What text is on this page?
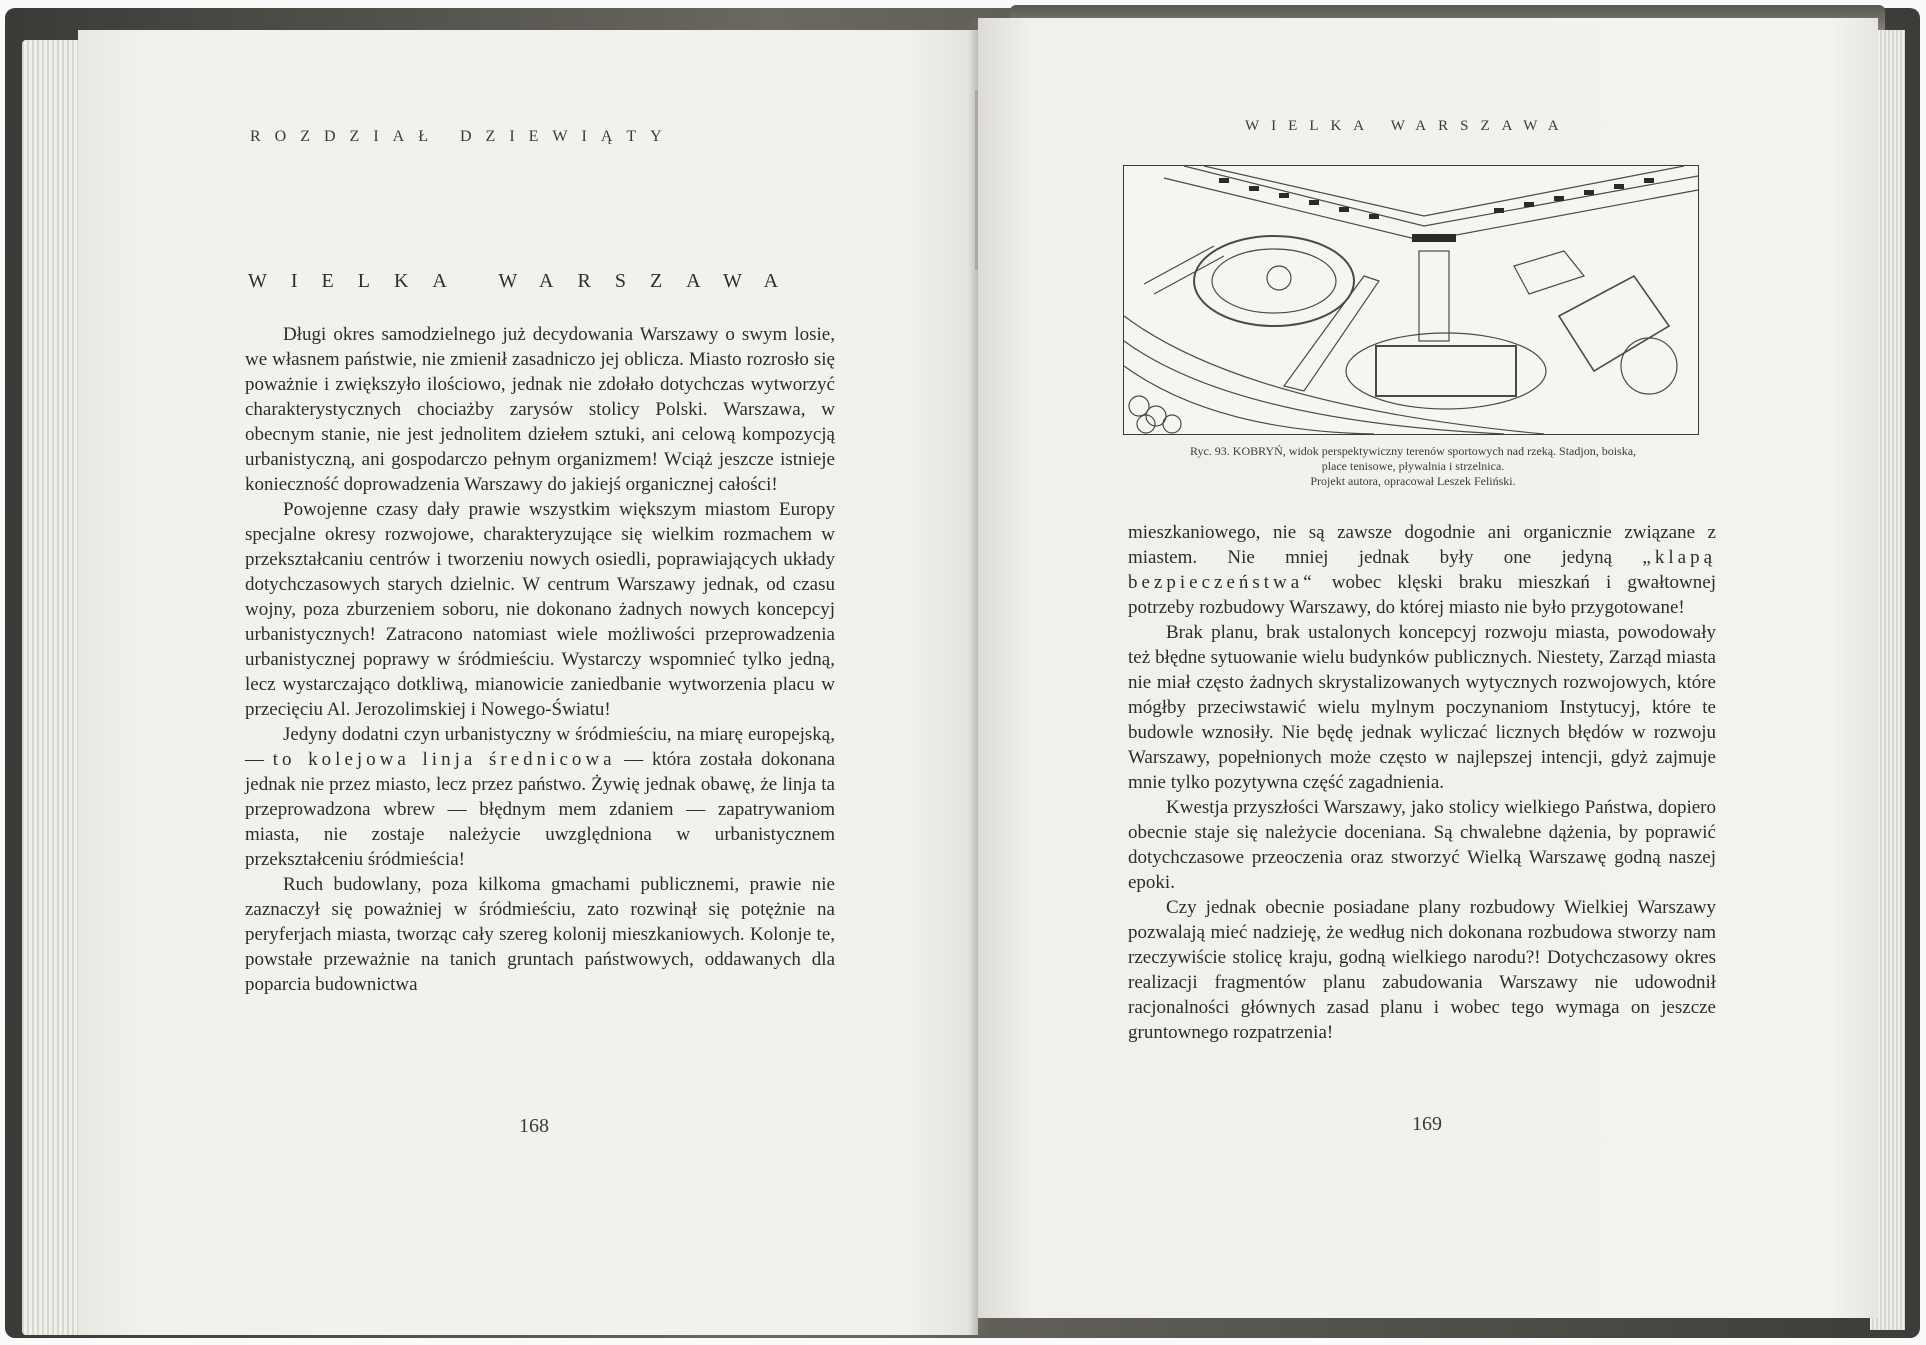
ROZDZIAŁ DZIEWIĄTY
WIELKA WARSZAWA

Długi okres samodzielnego już decydowania Warszawy o swym losie, we własnem państwie, nie zmienił zasadniczo jej oblicza. Miasto rozrosło się poważnie i zwiększyło ilościowo, jednak nie zdołało dotychczas wytworzyć charakterystycznych chociażby zarysów stolicy Polski. Warszawa, w obecnym stanie, nie jest jednolitem dziełem sztuki, ani celową kompozycją urbanistyczną, ani gospodarczo pełnym organizmem! Wciąż jeszcze istnieje konieczność doprowadzenia Warszawy do jakiejś organicznej całości!

Powojenne czasy dały prawie wszystkim większym miastom Europy specjalne okresy rozwojowe, charakteryzujące się wielkim rozmachem w przekształcaniu centrów i tworzeniu nowych osiedli, poprawiających układy dotychczasowych starych dzielnic. W centrum Warszawy jednak, od czasu wojny, poza zburzeniem soboru, nie dokonano żadnych nowych koncepcyj urbanistycznych! Zatracono natomiast wiele możliwości przeprowadzenia urbanistycznej poprawy w śródmieściu. Wystarczy wspomnieć tylko jedną, lecz wystarczająco dotkliwą, mianowicie zaniedbanie wytworzenia placu w przecięciu Al. Jerozolimskiej i Nowego-Światu!

Jedyny dodatni czyn urbanistyczny w śródmieściu, na miarę europejską, — to kolejowa linja średnicowa — która została dokonana jednak nie przez miasto, lecz przez państwo. Żywię jednak obawę, że linja ta przeprowadzona wbrew — błędnym mem zdaniem — zapatrywaniom miasta, nie zostaje należycie uwzględniona w urbanistycznem przekształceniu śródmieścia!

Ruch budowlany, poza kilkoma gmachami publicznemi, prawie nie zaznaczył się poważniej w śródmieściu, zato rozwinął się potężnie na peryferjach miasta, tworząc cały szereg kolonij mieszkaniowych. Kolonje te, powstałe przeważnie na tanich gruntach państwowych, oddawanych dla poparcia budownictwa

168
WIELKA WARSZAWA
Ryc. 93. KOBRYŃ, widok perspektywiczny terenów sportowych nad rzeką. Stadjon, boiska,
place tenisowe, pływalnia i strzelnica.
Projekt autora, opracował Leszek Feliński.

mieszkaniowego, nie są zawsze dogodnie ani organicznie związane z miastem. Nie mniej jednak były one jedyną „klapą bezpieczeństwa“ wobec klęski braku mieszkań i gwałtownej potrzeby rozbudowy Warszawy, do której miasto nie było przygotowane!

Brak planu, brak ustalonych koncepcyj rozwoju miasta, powodowały też błędne sytuowanie wielu budynków publicznych. Niestety, Zarząd miasta nie miał często żadnych skrystalizowanych wytycznych rozwojowych, które mógłby przeciwstawić wielu mylnym poczynaniom Instytucyj, które te budowle wznosiły. Nie będę jednak wyliczać licznych błędów w rozwoju Warszawy, popełnionych może często w najlepszej intencji, gdyż zajmuje mnie tylko pozytywna część zagadnienia.

Kwestja przyszłości Warszawy, jako stolicy wielkiego Państwa, dopiero obecnie staje się należycie doceniana. Są chwalebne dążenia, by poprawić dotychczasowe przeoczenia oraz stworzyć Wielką Warszawę godną naszej epoki.

Czy jednak obecnie posiadane plany rozbudowy Wielkiej Warszawy pozwalają mieć nadzieję, że według nich dokonana rozbudowa stworzy nam rzeczywiście stolicę kraju, godną wielkiego narodu?! Dotychczasowy okres realizacji fragmentów planu zabudowania Warszawy nie udowodnił racjonalności głównych zasad planu i wobec tego wymaga on jeszcze gruntownego rozpatrzenia!

169
